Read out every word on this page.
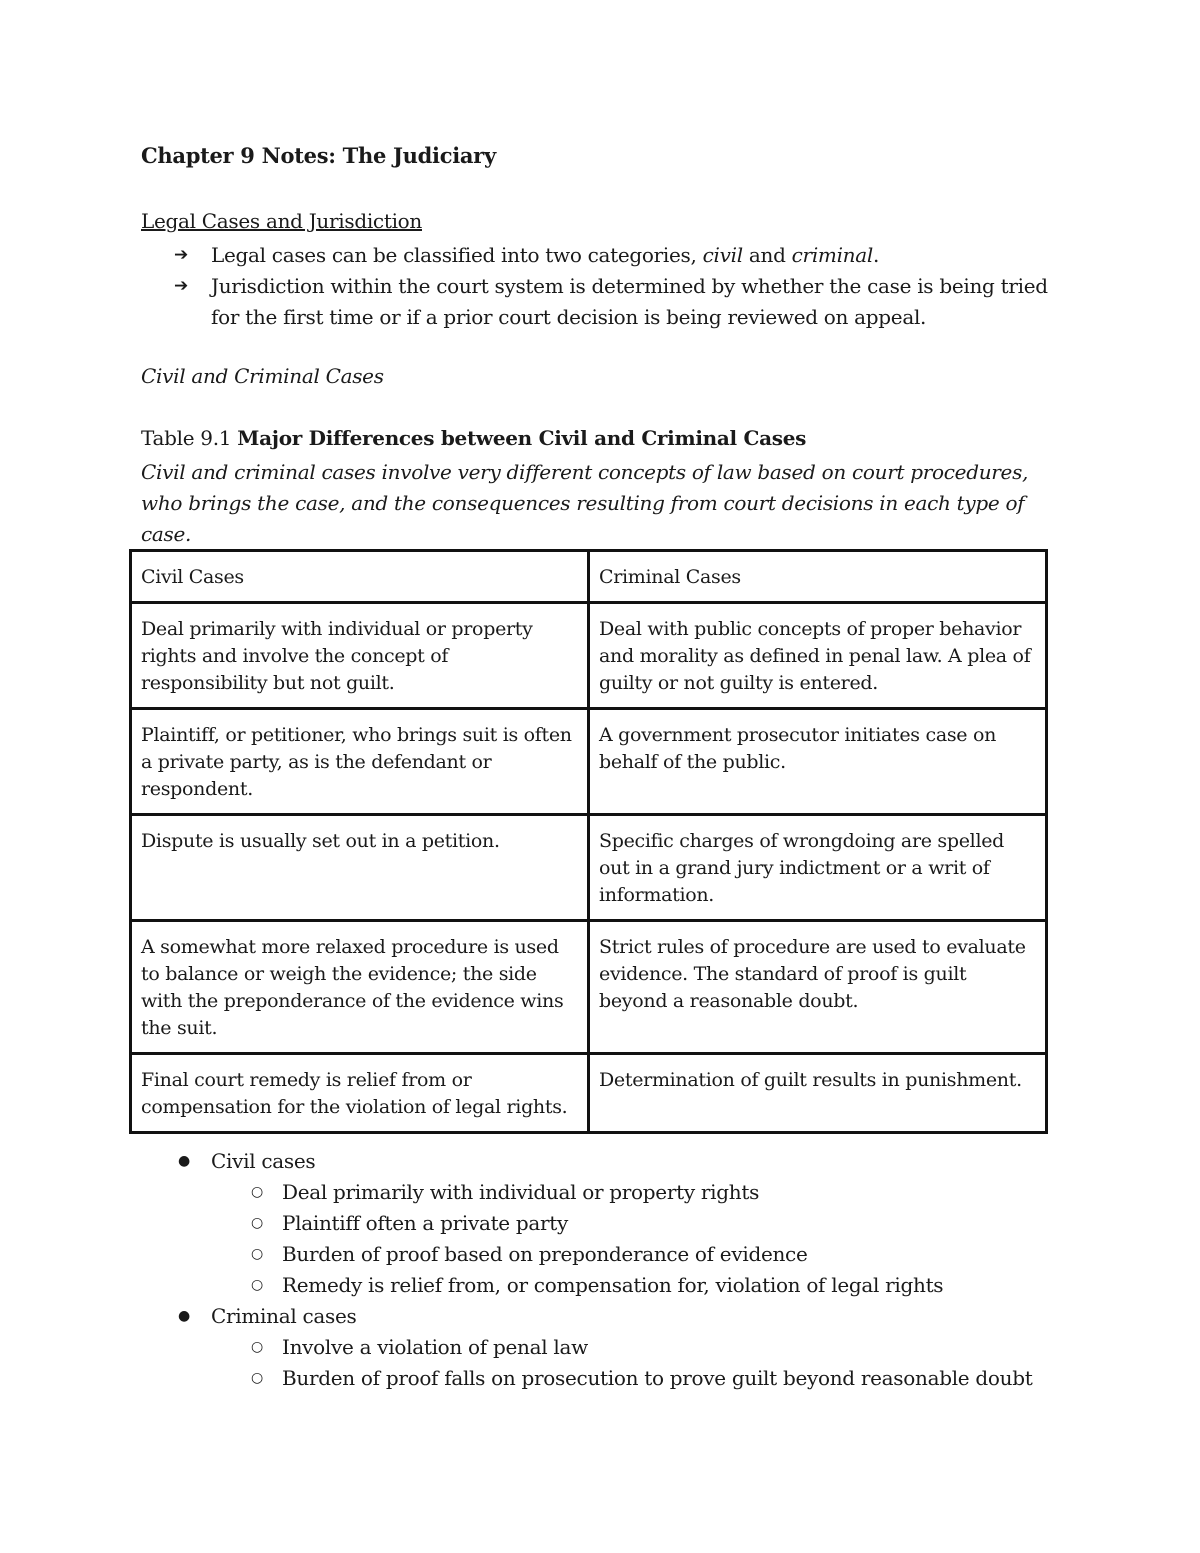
Chapter 9 Notes: The Judiciary
Legal Cases and Jurisdiction
➔ Legal cases can be classified into two categories, civil and criminal.
➔ Jurisdiction within the court system is determined by whether the case is being tried for the first time or if a prior court decision is being reviewed on appeal.
Civil and Criminal Cases
Table 9.1 Major Differences between Civil and Criminal Cases
Civil and criminal cases involve very different concepts of law based on court procedures, who brings the case, and the consequences resulting from court decisions in each type of case.
Civil Cases	Criminal Cases
Deal primarily with individual or property rights and involve the concept of responsibility but not guilt.	Deal with public concepts of proper behavior and morality as defined in penal law. A plea of guilty or not guilty is entered.
Plaintiff, or petitioner, who brings suit is often a private party, as is the defendant or respondent.	A government prosecutor initiates case on behalf of the public.
Dispute is usually set out in a petition.	Specific charges of wrongdoing are spelled out in a grand jury indictment or a writ of information.
A somewhat more relaxed procedure is used to balance or weigh the evidence; the side with the preponderance of the evidence wins the suit.	Strict rules of procedure are used to evaluate evidence. The standard of proof is guilt beyond a reasonable doubt.
Final court remedy is relief from or compensation for the violation of legal rights.	Determination of guilt results in punishment.
● Civil cases
○ Deal primarily with individual or property rights
○ Plaintiff often a private party
○ Burden of proof based on preponderance of evidence
○ Remedy is relief from, or compensation for, violation of legal rights
● Criminal cases
○ Involve a violation of penal law
○ Burden of proof falls on prosecution to prove guilt beyond reasonable doubt
